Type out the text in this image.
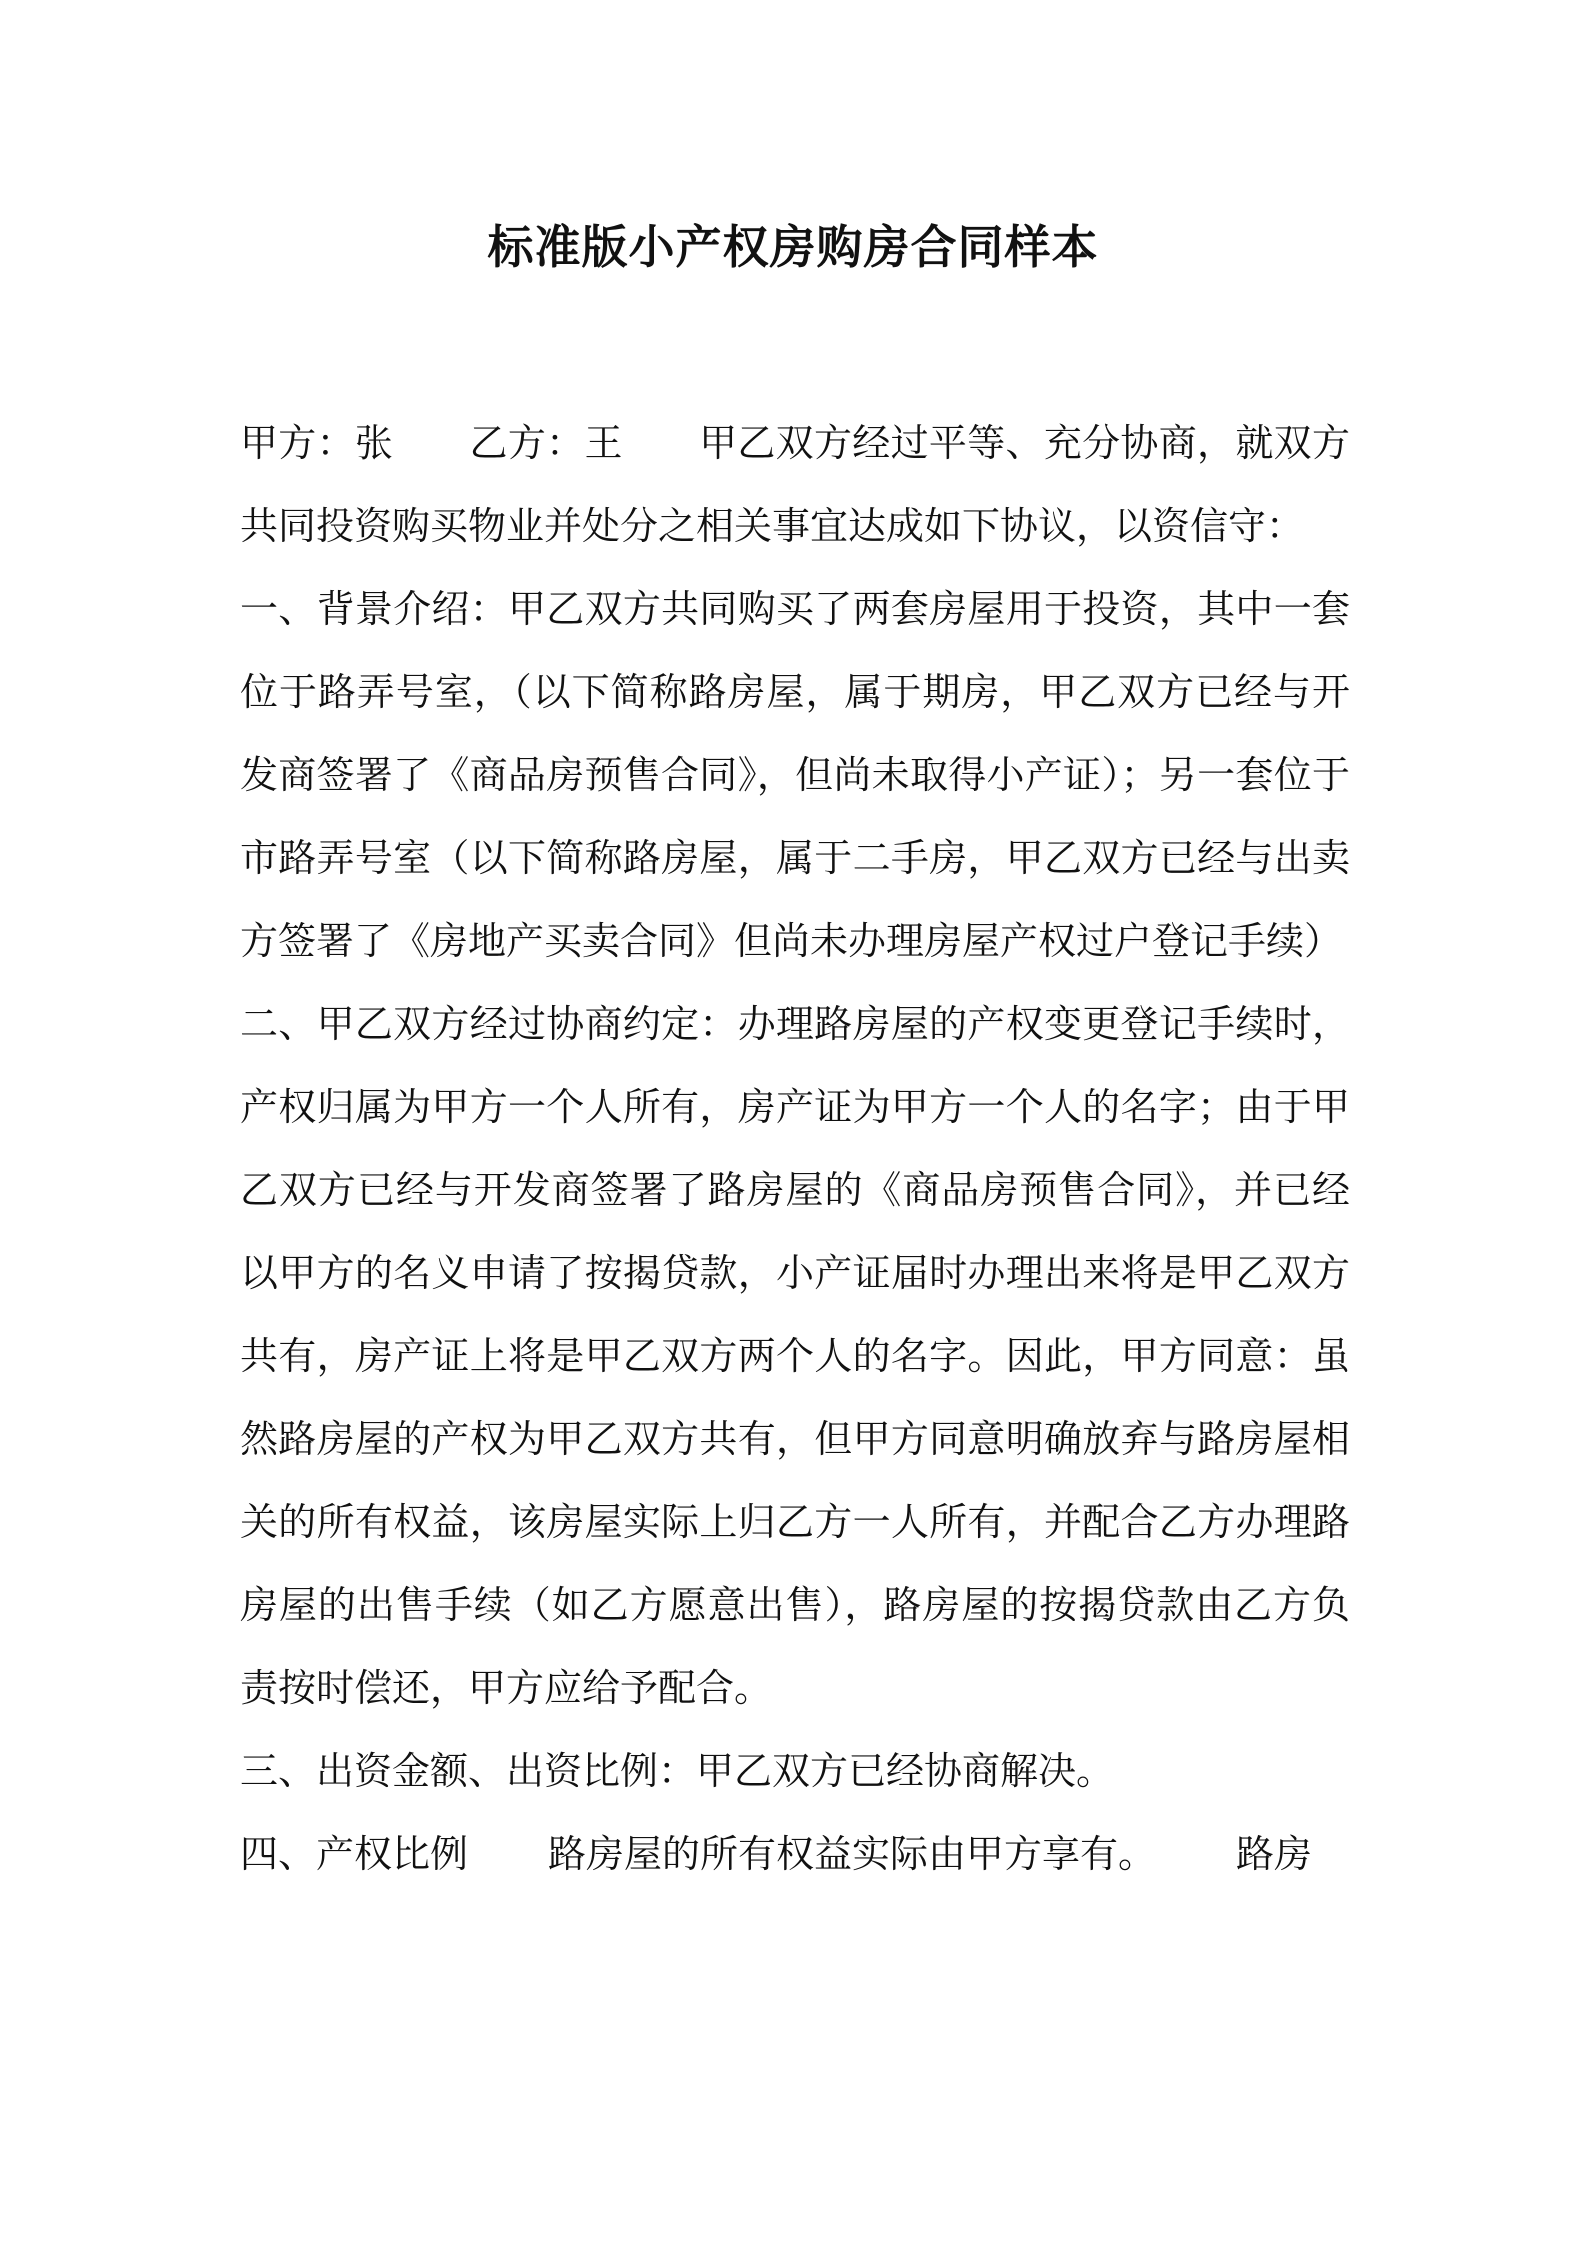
标准版小产权房购房合同样本

甲方：张 乙方：王 甲乙双方经过平等、充分协商，就双方共同投资购买物业并处分之相关事宜达成如下协议，以资信守：

一、背景介绍：甲乙双方共同购买了两套房屋用于投资，其中一套位于路弄号室，（以下简称路房屋，属于期房，甲乙双方已经与开发商签署了《商品房预售合同》，但尚未取得小产证）；另一套位于市路弄号室（以下简称路房屋，属于二手房，甲乙双方已经与出卖方签署了《房地产买卖合同》但尚未办理房屋产权过户登记手续）

二、甲乙双方经过协商约定：办理路房屋的产权变更登记手续时，产权归属为甲方一个人所有，房产证为甲方一个人的名字；由于甲乙双方已经与开发商签署了路房屋的《商品房预售合同》，并已经以甲方的名义申请了按揭贷款，小产证届时办理出来将是甲乙双方共有，房产证上将是甲乙双方两个人的名字。因此，甲方同意：虽然路房屋的产权为甲乙双方共有，但甲方同意明确放弃与路房屋相关的所有权益，该房屋实际上归乙方一人所有，并配合乙方办理路房屋的出售手续（如乙方愿意出售），路房屋的按揭贷款由乙方负责按时偿还，甲方应给予配合。

三、出资金额、出资比例：甲乙双方已经协商解决。

四、产权比例 路房屋的所有权益实际由甲方享有。 路房
